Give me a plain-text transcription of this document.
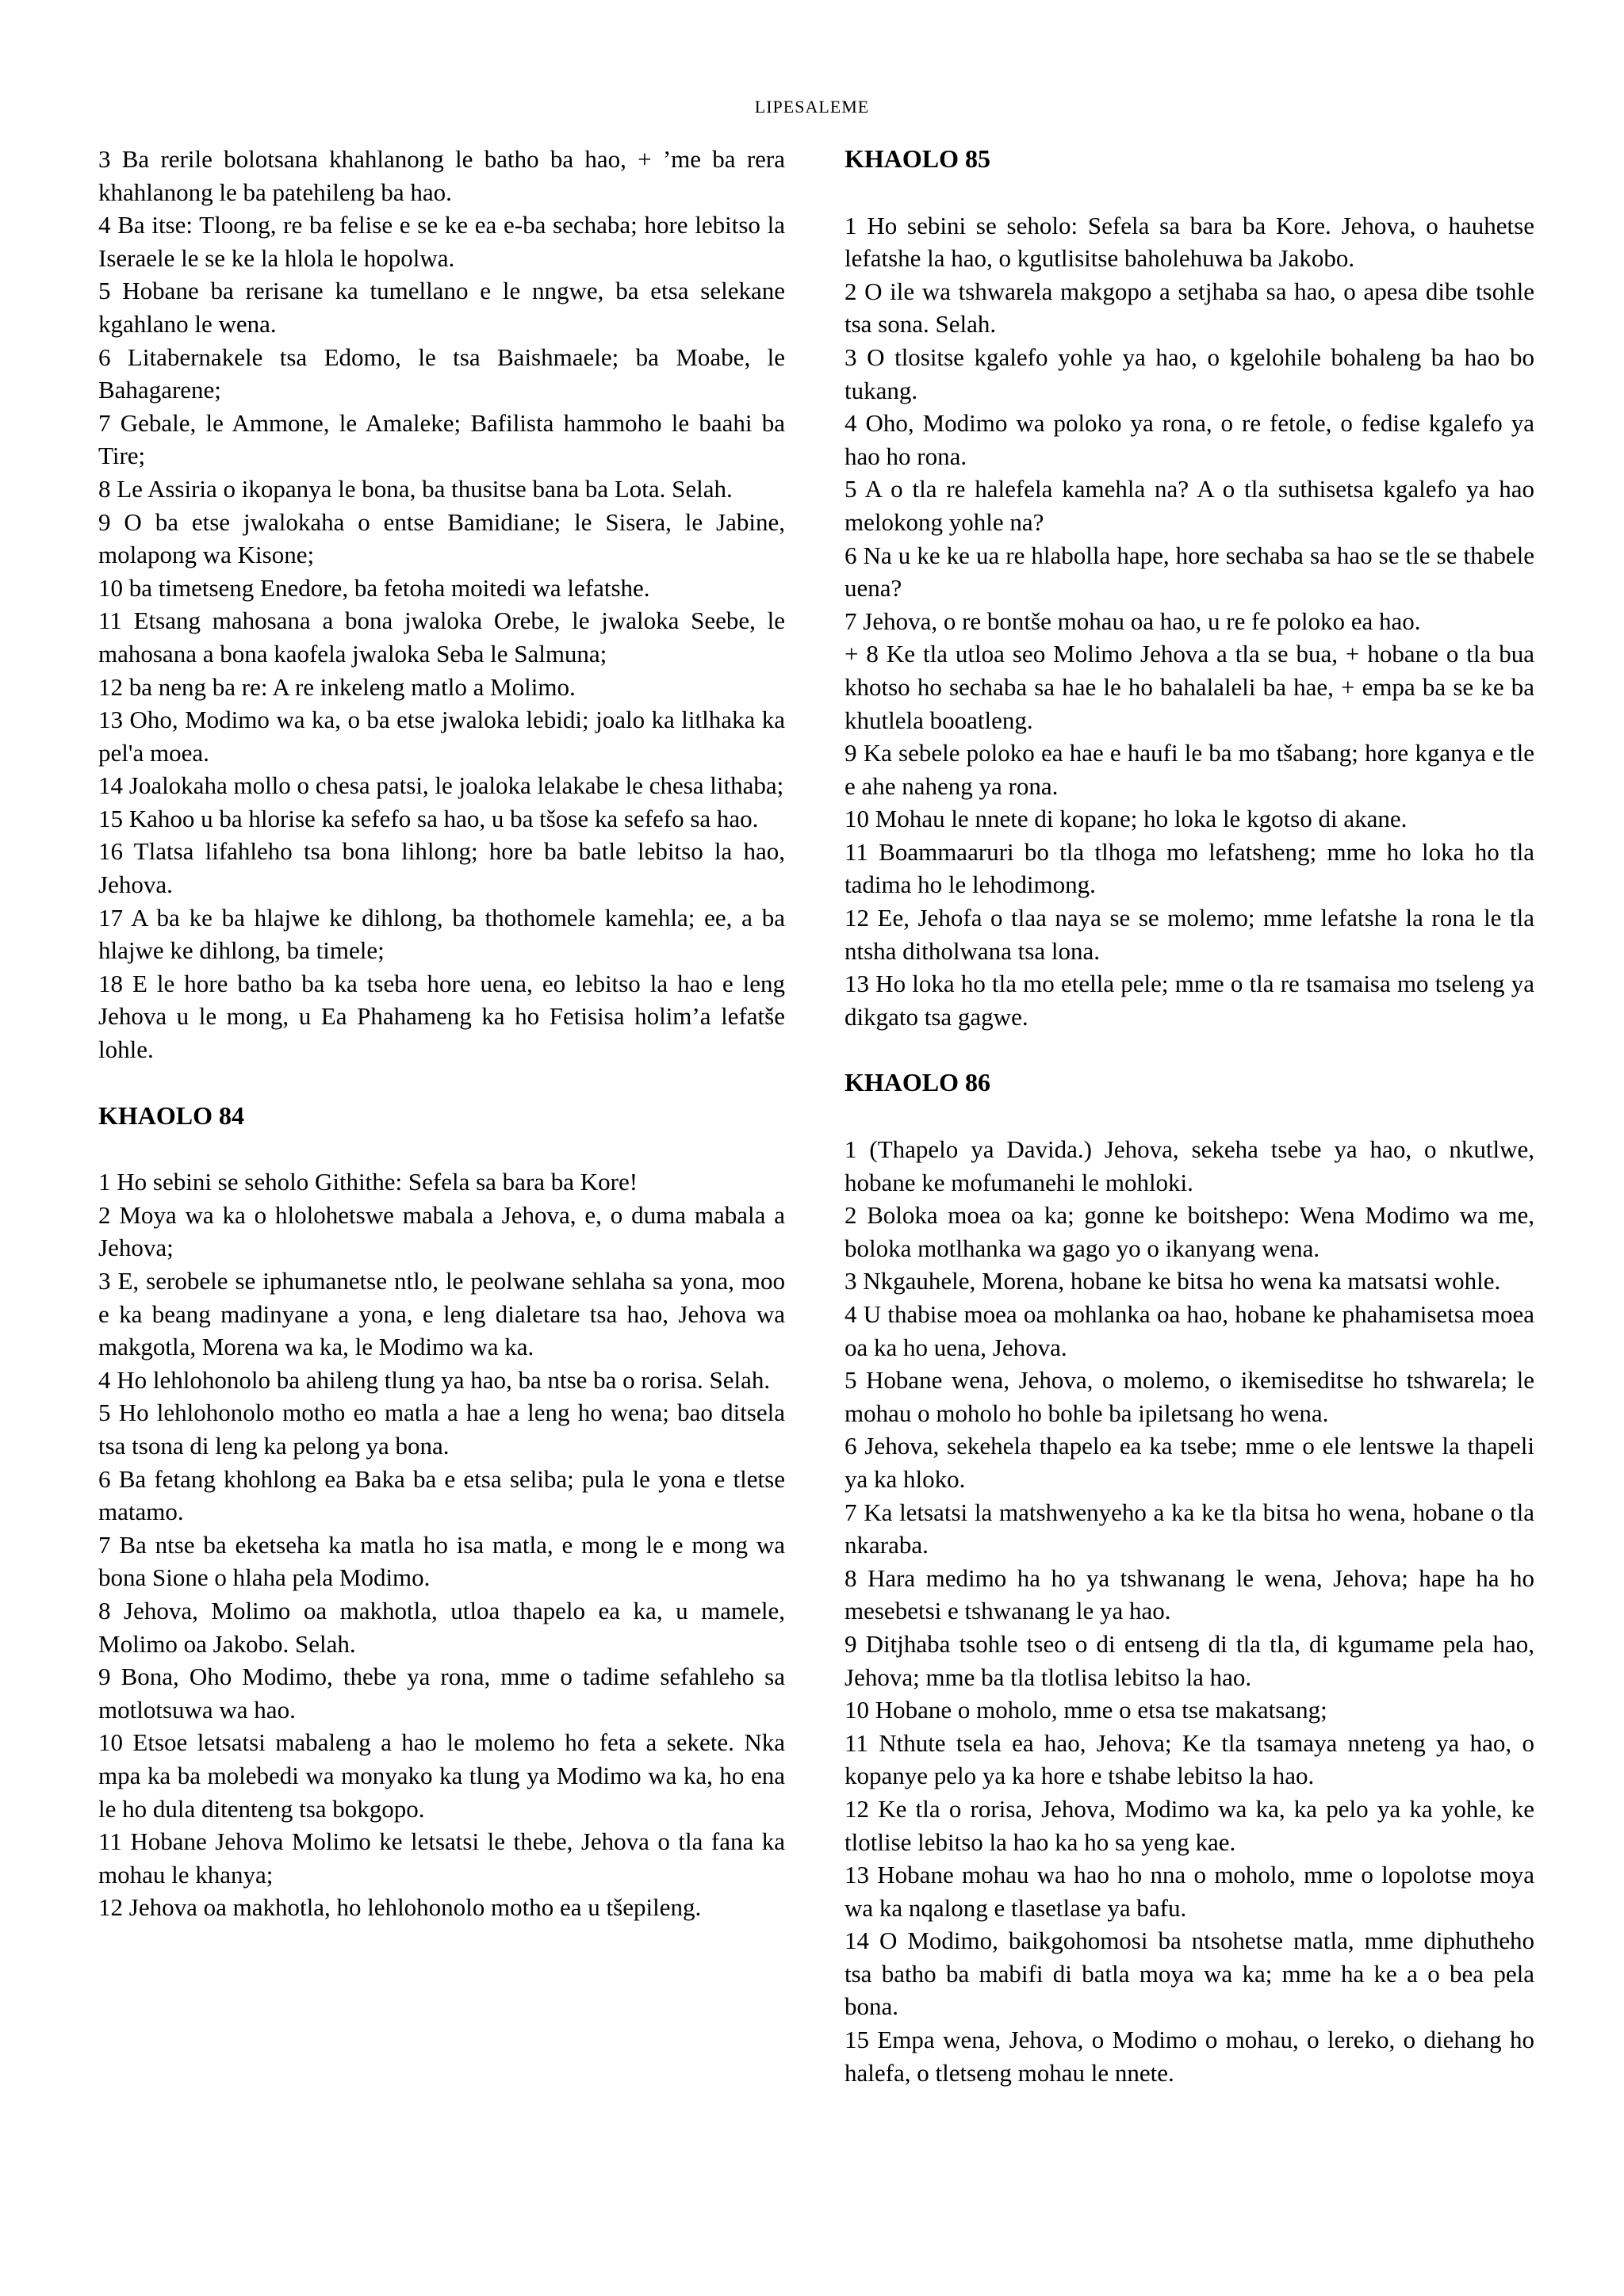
LIPESALEME

3 Ba rerile bolotsana khahlanong le batho ba hao, + ’me ba rera khahlanong le ba patehileng ba hao.

4 Ba itse: Tloong, re ba felise e se ke ea e-ba sechaba; hore lebitso la Iseraele le se ke la hlola le hopolwa.

5 Hobane ba rerisane ka tumellano e le nngwe, ba etsa selekane kgahlano le wena.

6 Litabernakele tsa Edomo, le tsa Baishmaele; ba Moabe, le Bahagarene;

7 Gebale, le Ammone, le Amaleke; Bafilista hammoho le baahi ba Tire;

8 Le Assiria o ikopanya le bona, ba thusitse bana ba Lota. Selah.

9 O ba etse jwalokaha o entse Bamidiane; le Sisera, le Jabine, molapong wa Kisone;

10 ba timetseng Enedore, ba fetoha moitedi wa lefatshe.

11 Etsang mahosana a bona jwaloka Orebe, le jwaloka Seebe, le mahosana a bona kaofela jwaloka Seba le Salmuna;

12 ba neng ba re: A re inkeleng matlo a Molimo.

13 Oho, Modimo wa ka, o ba etse jwaloka lebidi; joalo ka litlhaka ka pel'a moea.

14 Joalokaha mollo o chesa patsi, le joaloka lelakabe le chesa lithaba;

15 Kahoo u ba hlorise ka sefefo sa hao, u ba tšose ka sefefo sa hao.

16 Tlatsa lifahleho tsa bona lihlong; hore ba batle lebitso la hao, Jehova.

17 A ba ke ba hlajwe ke dihlong, ba thothomele kamehla; ee, a ba hlajwe ke dihlong, ba timele;

18 E le hore batho ba ka tseba hore uena, eo lebitso la hao e leng Jehova u le mong, u Ea Phahameng ka ho Fetisisa holim’a lefatše lohle.

KHAOLO 84

1 Ho sebini se seholo Githithe: Sefela sa bara ba Kore!

2 Moya wa ka o hlolohetswe mabala a Jehova, e, o duma mabala a Jehova;

3 E, serobele se iphumanetse ntlo, le peolwane sehlaha sa yona, moo e ka beang madinyane a yona, e leng dialetare tsa hao, Jehova wa makgotla, Morena wa ka, le Modimo wa ka.

4 Ho lehlohonolo ba ahileng tlung ya hao, ba ntse ba o rorisa. Selah.

5 Ho lehlohonolo motho eo matla a hae a leng ho wena; bao ditsela tsa tsona di leng ka pelong ya bona.

6 Ba fetang khohlong ea Baka ba e etsa seliba; pula le yona e tletse matamo.

7 Ba ntse ba eketseha ka matla ho isa matla, e mong le e mong wa bona Sione o hlaha pela Modimo.

8 Jehova, Molimo oa makhotla, utloa thapelo ea ka, u mamele, Molimo oa Jakobo. Selah.

9 Bona, Oho Modimo, thebe ya rona, mme o tadime sefahleho sa motlotsuwa wa hao.

10 Etsoe letsatsi mabaleng a hao le molemo ho feta a sekete. Nka mpa ka ba molebedi wa monyako ka tlung ya Modimo wa ka, ho ena le ho dula ditenteng tsa bokgopo.

11 Hobane Jehova Molimo ke letsatsi le thebe, Jehova o tla fana ka mohau le khanya;

12 Jehova oa makhotla, ho lehlohonolo motho ea u tšepileng.

KHAOLO 85

1 Ho sebini se seholo: Sefela sa bara ba Kore. Jehova, o hauhetse lefatshe la hao, o kgutlisitse baholehuwa ba Jakobo.

2 O ile wa tshwarela makgopo a setjhaba sa hao, o apesa dibe tsohle tsa sona. Selah.

3 O tlositse kgalefo yohle ya hao, o kgelohile bohaleng ba hao bo tukang.

4 Oho, Modimo wa poloko ya rona, o re fetole, o fedise kgalefo ya hao ho rona.

5 A o tla re halefela kamehla na? A o tla suthisetsa kgalefo ya hao melokong yohle na?

6 Na u ke ke ua re hlabolla hape, hore sechaba sa hao se tle se thabele uena?

7 Jehova, o re bontše mohau oa hao, u re fe poloko ea hao.

+ 8 Ke tla utloa seo Molimo Jehova a tla se bua, + hobane o tla bua khotso ho sechaba sa hae le ho bahalaleli ba hae, + empa ba se ke ba khutlela booatleng.

9 Ka sebele poloko ea hae e haufi le ba mo tšabang; hore kganya e tle e ahe naheng ya rona.

10 Mohau le nnete di kopane; ho loka le kgotso di akane.

11 Boammaaruri bo tla tlhoga mo lefatsheng; mme ho loka ho tla tadima ho le lehodimong.

12 Ee, Jehofa o tlaa naya se se molemo; mme lefatshe la rona le tla ntsha ditholwana tsa lona.

13 Ho loka ho tla mo etella pele; mme o tla re tsamaisa mo tseleng ya dikgato tsa gagwe.

KHAOLO 86

1 (Thapelo ya Davida.) Jehova, sekeha tsebe ya hao, o nkutlwe, hobane ke mofumanehi le mohloki.

2 Boloka moea oa ka; gonne ke boitshepo: Wena Modimo wa me, boloka motlhanka wa gago yo o ikanyang wena.

3 Nkgauhele, Morena, hobane ke bitsa ho wena ka matsatsi wohle.

4 U thabise moea oa mohlanka oa hao, hobane ke phahamisetsa moea oa ka ho uena, Jehova.

5 Hobane wena, Jehova, o molemo, o ikemiseditse ho tshwarela; le mohau o moholo ho bohle ba ipiletsang ho wena.

6 Jehova, sekehela thapelo ea ka tsebe; mme o ele lentswe la thapeli ya ka hloko.

7 Ka letsatsi la matshwenyeho a ka ke tla bitsa ho wena, hobane o tla nkaraba.

8 Hara medimo ha ho ya tshwanang le wena, Jehova; hape ha ho mesebetsi e tshwanang le ya hao.

9 Ditjhaba tsohle tseo o di entseng di tla tla, di kgumame pela hao, Jehova; mme ba tla tlotlisa lebitso la hao.

10 Hobane o moholo, mme o etsa tse makatsang;

11 Nthute tsela ea hao, Jehova; Ke tla tsamaya nneteng ya hao, o kopanye pelo ya ka hore e tshabe lebitso la hao.

12 Ke tla o rorisa, Jehova, Modimo wa ka, ka pelo ya ka yohle, ke tlotlise lebitso la hao ka ho sa yeng kae.

13 Hobane mohau wa hao ho nna o moholo, mme o lopolotse moya wa ka nqalong e tlasetlase ya bafu.

14 O Modimo, baikgohomosi ba ntsohetse matla, mme diphutheho tsa batho ba mabifi di batla moya wa ka; mme ha ke a o bea pela bona.

15 Empa wena, Jehova, o Modimo o mohau, o lereko, o diehang ho halefa, o tletseng mohau le nnete.
